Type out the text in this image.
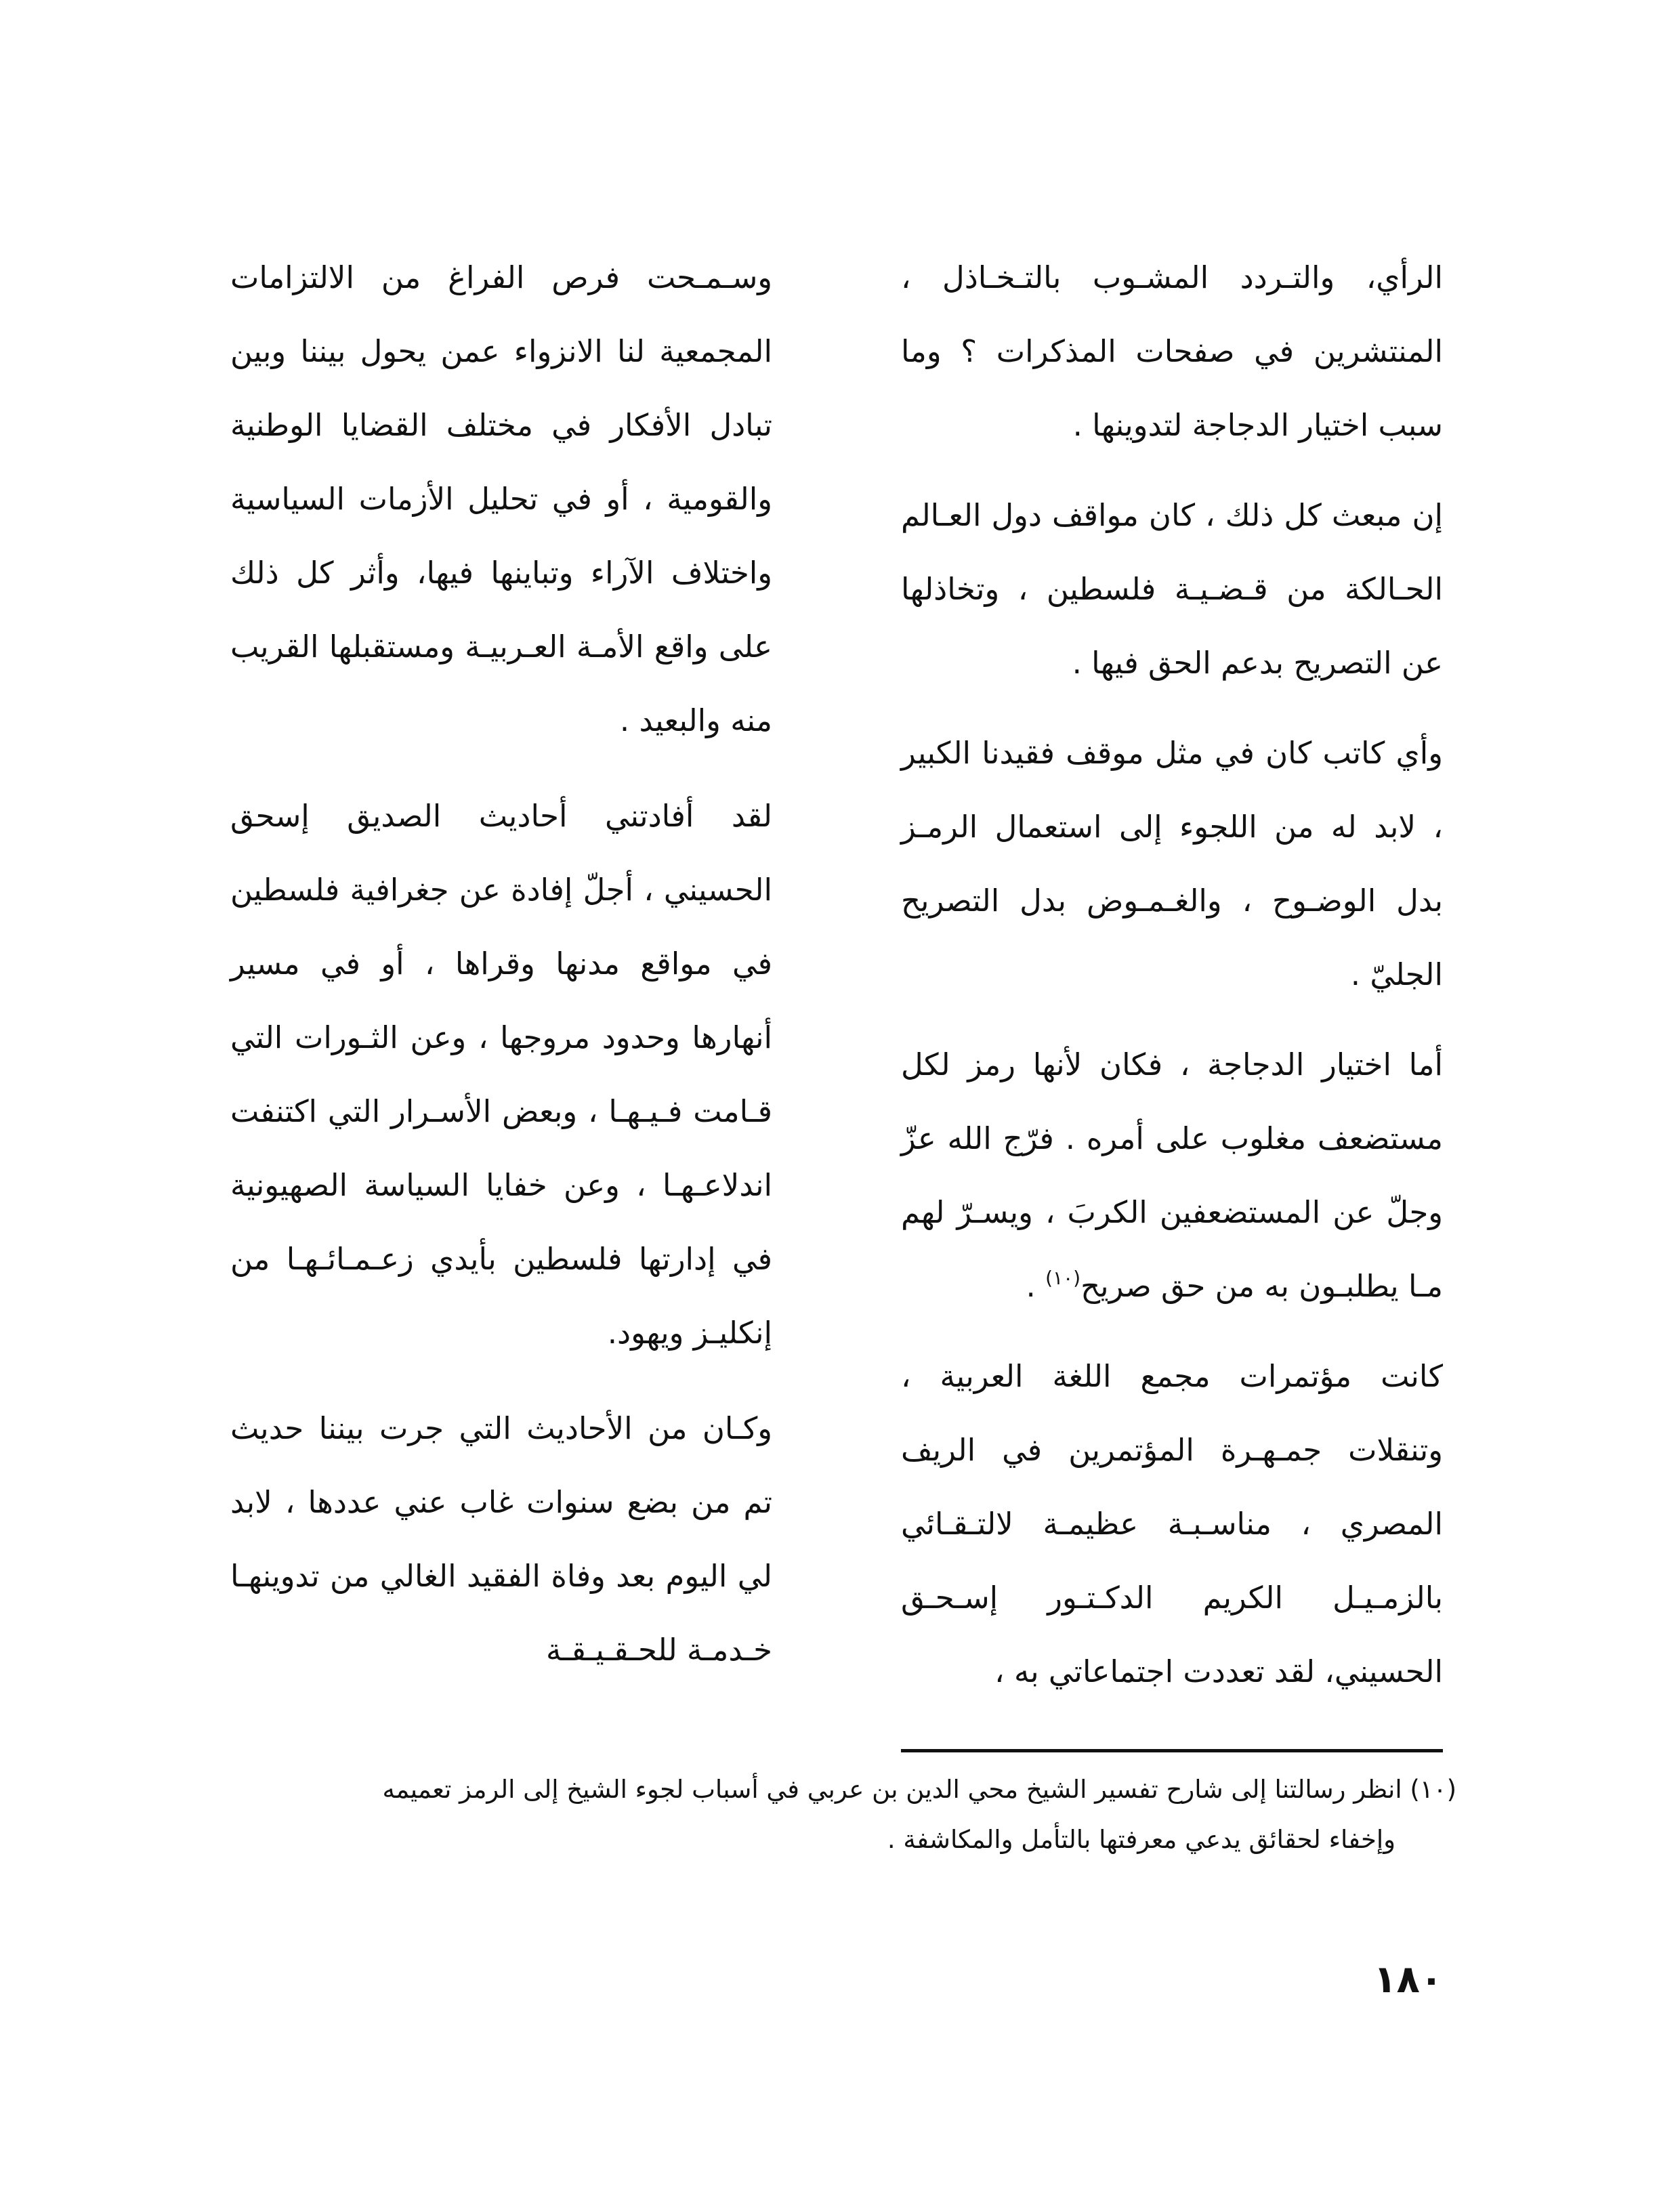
الرأي، والتـردد المشـوب بالتـخـاذل ، المنتشرين في صفحات المذكرات ؟ وما سبب اختيار الدجاجة لتدوينها .

إن مبعث كل ذلك ، كان مواقف دول العـالم الحـالكة من قـضـيـة فلسطين ، وتخاذلها عن التصريح بدعم الحق فيها .

وأي كاتب كان في مثل موقف فقيدنا الكبير ، لابد له من اللجوء إلى استعمال الرمـز بدل الوضـوح ، والغـمـوض بدل التصريح الجليّ .

أما اختيار الدجاجة ، فكان لأنها رمز لكل مستضعف مغلوب على أمره . فرّج الله عزّ وجلّ عن المستضعفين الكربَ ، ويسـرّ لهم مـا يطلبـون به من حق صريح$^{(١٠)}$ .

كانت مؤتمرات مجمع اللغة العربية ، وتنقلات جمـهـرة المؤتمرين في الريف المصري ، مناسـبـة عظيمـة لالتـقـائي بالزمـيـل الكريم الدكـتـور إسـحـق الحسيني، لقد تعددت اجتماعاتي به ،

وسـمـحت فرص الفراغ من الالتزامات المجمعية لنا الانزواء عمن يحول بيننا وبين تبادل الأفكار في مختلف القضايا الوطنية والقومية ، أو في تحليل الأزمات السياسية واختلاف الآراء وتباينها فيها، وأثر كل ذلك على واقع الأمـة العـربيـة ومستقبلها القريب منه والبعيد .

لقد أفادتني أحاديث الصديق إسحق الحسيني ، أجلّ إفادة عن جغرافية فلسطين في مواقع مدنها وقراها ، أو في مسير أنهارها وحدود مروجها ، وعن الثـورات التي قـامت فـيـهـا ، وبعض الأسـرار التي اكتنفت اندلاعـهـا ، وعن خفايا السياسة الصهيونية في إدارتها فلسطين بأيدي زعـمـائـهـا من إنكليـز ويهود.

وكـان من الأحاديث التي جرت بيننا حديث تم من بضع سنوات غاب عني عددها ، لابد لي اليوم بعد وفاة الفقيد الغالي من تدوينهـا خـدمـة للحـقـيـقـة

(١٠) انظر رسالتنا إلى شارح تفسير الشيخ محي الدين بن عربي في أسباب لجوء الشيخ إلى الرمز تعميمه

وإخفاء لحقائق يدعي معرفتها بالتأمل والمكاشفة .

١٨٠
